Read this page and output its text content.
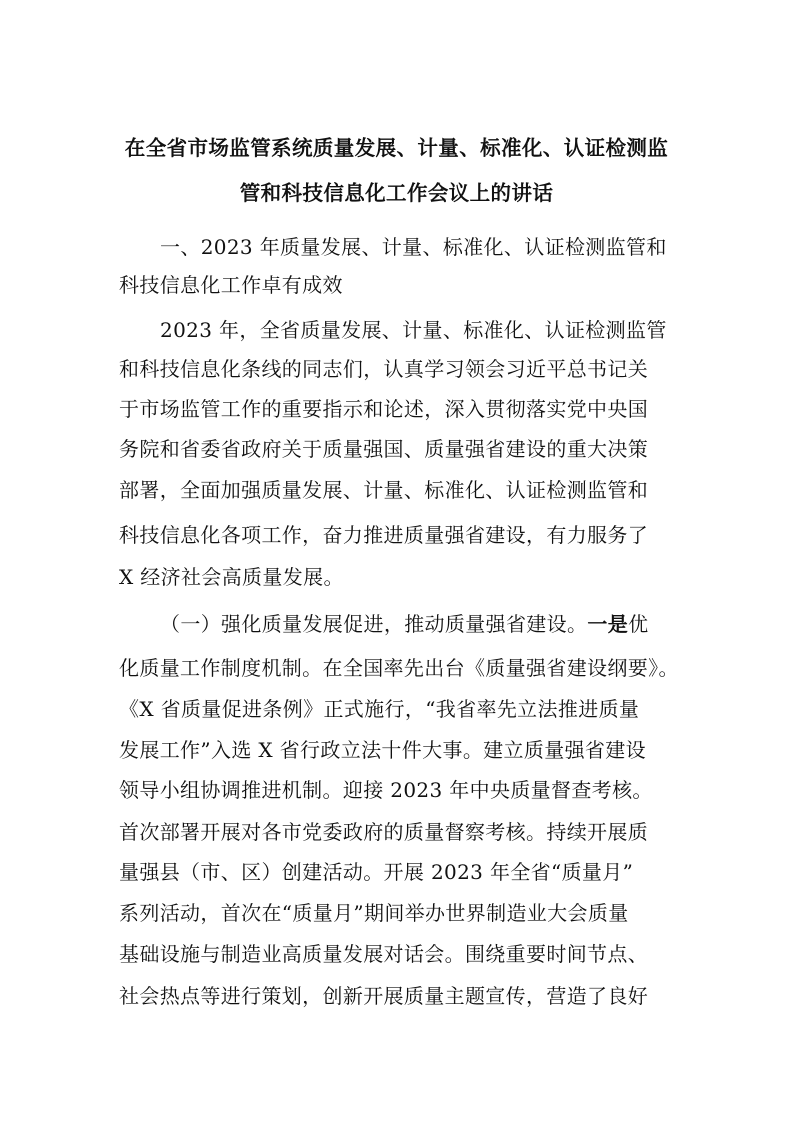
在全省市场监管系统质量发展、计量、标准化、认证检测监
管和科技信息化工作会议上的讲话
一、2023 年质量发展、计量、标准化、认证检测监管和
科技信息化工作卓有成效
2023 年，全省质量发展、计量、标准化、认证检测监管
和科技信息化条线的同志们，认真学习领会习近平总书记关
于市场监管工作的重要指示和论述，深入贯彻落实党中央国
务院和省委省政府关于质量强国、质量强省建设的重大决策
部署，全面加强质量发展、计量、标准化、认证检测监管和
科技信息化各项工作，奋力推进质量强省建设，有力服务了
X 经济社会高质量发展。
（一）强化质量发展促进，推动质量强省建设。一是优
化质量工作制度机制。在全国率先出台《质量强省建设纲要》。
《X 省质量促进条例》正式施行，“我省率先立法推进质量
发展工作”入选 X 省行政立法十件大事。建立质量强省建设
领导小组协调推进机制。迎接 2023 年中央质量督查考核。
首次部署开展对各市党委政府的质量督察考核。持续开展质
量强县（市、区）创建活动。开展 2023 年全省“质量月”
系列活动，首次在“质量月”期间举办世界制造业大会质量
基础设施与制造业高质量发展对话会。围绕重要时间节点、
社会热点等进行策划，创新开展质量主题宣传，营造了良好
